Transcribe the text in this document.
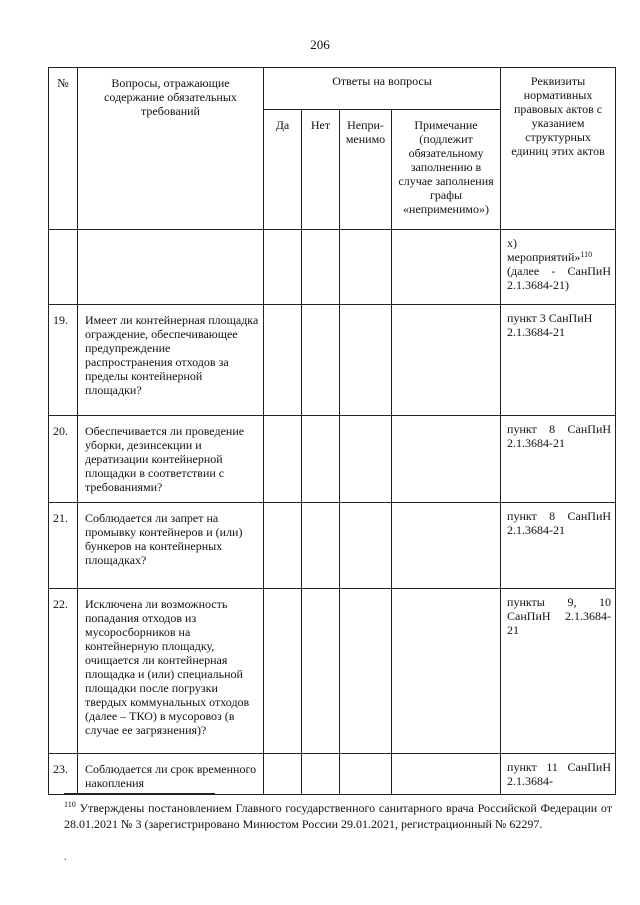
206
№	Вопросы, отражающие содержание обязательных требований	Ответы на вопросы				Реквизиты нормативных правовых актов с указанием структурных единиц этих актов
		Да	Нет	Непри-менимо	Примечание (подлежит обязательному заполнению в случае заполнения графы «неприменимо»)	

						х)
мероприятий»$^{110}$
(далее - СанПиН 2.1.3684-21)

19.	Имеет ли контейнерная площадка ограждение, обеспечивающее предупреждение распространения отходов за пределы контейнерной площадки?					пункт 3 СанПиН 2.1.3684-21
20.	Обеспечивается ли проведение уборки, дезинсекции и дератизации контейнерной площадки в соответствии с требованиями?					пункт 8 СанПиН 2.1.3684-21
21.	Соблюдается ли запрет на промывку контейнеров и (или) бункеров на контейнерных площадках?					пункт 8 СанПиН 2.1.3684-21
22.	Исключена ли возможность попадания отходов из мусоросборников на контейнерную площадку, очищается ли контейнерная площадка и (или) специальной площадки после погрузки твердых коммунальных отходов (далее – ТКО) в мусоровоз (в случае ее загрязнения)?					пункты 9, 10 СанПиН 2.1.3684-21
23.	Соблюдается ли срок временного накопления					пункт 11 СанПиН 2.1.3684-
$^{110}$ Утверждены постановлением Главного государственного санитарного врача Российской Федерации от 28.01.2021 № 3 (зарегистрировано Минюстом России 29.01.2021, регистрационный № 62297.
.
